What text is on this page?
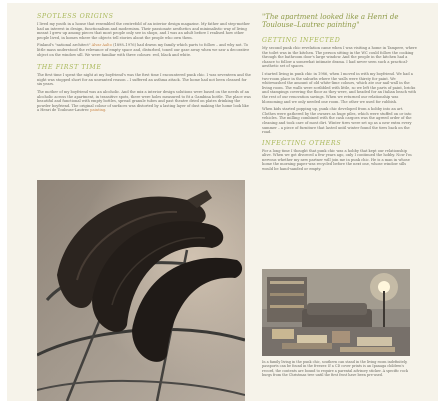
SPOTLESS ORIGINS

I lived my youth in a house that resembled the centrefold of an interior design magazine. My father and step-mother had an interest in design, functionalism and modernism. Their passionate aesthetics and minimalistic way of living meant I grew up among pieces that most people only see in shops, and I was an adult before I realised how other people lived, in homes where the objects tell stories about the people who own them.

Finland's "national architect" Alvar Aalto (1898–1976) had drawn my family which parts to follow – and why not. To little mass understood the relevance of empty space and, disturbed, toned our gaze away when we saw a decorative object on the window sill. We were familiar with three colours: red, black and white.

THE FIRST TIME

The first time I spent the night at my boyfriend's was the first time I encountered punk chic. I was seventeen and the night was stopped short for an unwanted reason – I suffered an asthma attack. The home had not been cleaned for six years.

The mother of my boyfriend was an alcoholic. And the mix a interior design solutions were based on the needs of an alcoholic across the apartment, in transitive spots, there were holes measured to fit a Gambina bottle. The place was beautiful and functional with empty bottles, spread granule tubes and past theatre dried on plates drinking the powder boyfriend. The original colour of surfaces was distorted by a lasting layer of dust making the home look like a Henri de Toulouse-Lautrec painting.

"The apartment looked like a Henri de Toulouse–Lautrec painting"

GETTING INFECTED

My second punk chic revelation came when I was visiting a home in Tampere, where the toilet was in the kitchen. The person sitting in the WC could follow the cooking through the bathroom door's large window. And the people in the kitchen had a chance to follow a somewhat intimate drama. I had never seen such a practical-aesthetic set of spaces.

I started living in punk chic in 1986, when I moved in with my boyfriend. We had a two-room place in the suburbs where the walls were thirsty for paint. We whitewashed the amount of old white-lime colours, which ate our nail-wall in the living room. The walls were scribbled with little, so we left the parts of paint, bricks and stampings covering the floor as they were, and headed for an Italian beach with the rest of our renovation savings. When we returned our relationship was blossoming and we only needed one room. The other we used for rubbish.

When kids started popping up, punk chic developed from a hobby into an art. Clothes were gathered by the owners as huge piles, which were stuffed on or into vehicles. The milling combined with the cash cargoes was the agreed order of the cleaning and took care of most dirt. Winter tires were set up as a new extra every summer – a piece of furniture that lasted until winter found the tires back on the road.

INFECTING OTHERS

For a long time I thought that punk chic was a hobby that kept our relationship alive. When we got divorced a few years ago, only I continued the hobby. Now I'm nervous whether my new partner will join me in punk chic. He is a man in whose home the morning paper was recycled before the next one, whose window sills would be hand-sanded or empty.

In a family living in the punk chic, southern can stand in the living room indefinitely, passports can be found in the freezer. If a CD cover prints is an Ipanaga children's record, the contents are bound to require a parental advisory sticker. A specific rock burgs from the Christmas tree until the first frost have been pre-used.
